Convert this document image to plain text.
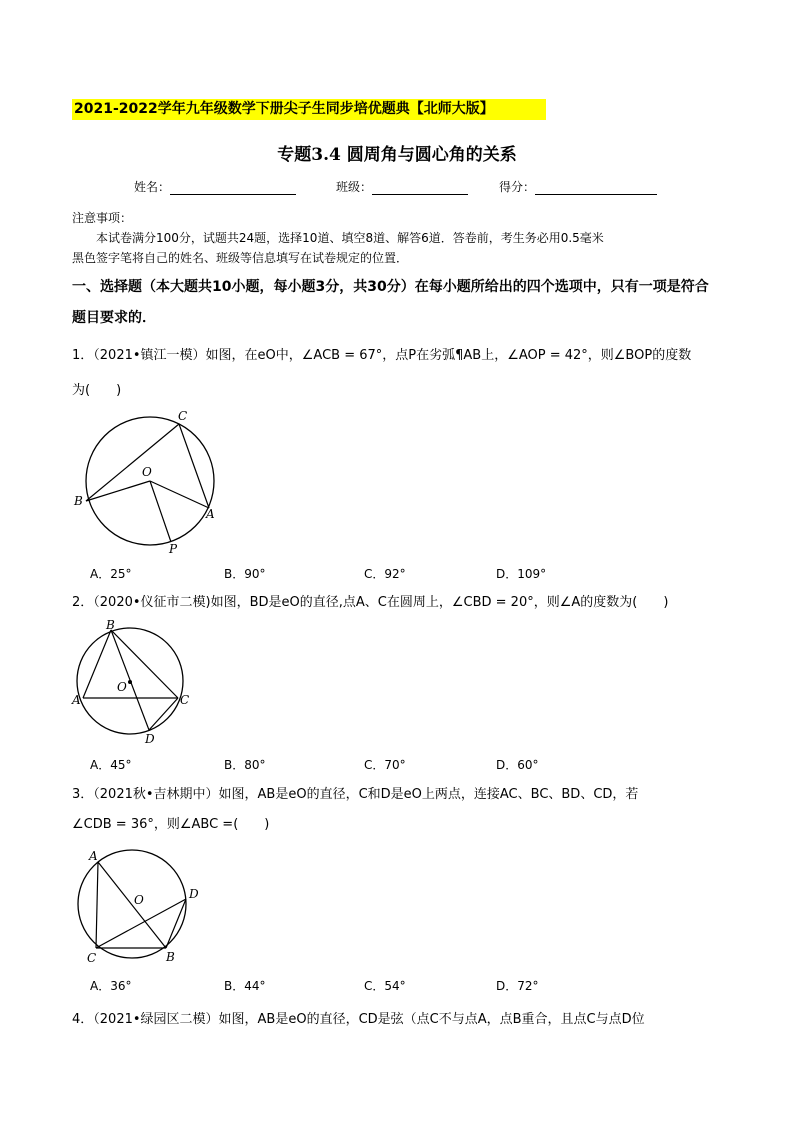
2021-2022学年九年级数学下册尖子生同步培优题典【北师大版】
专题3.4 圆周角与圆心角的关系
姓名：	班级：	得分：
注意事项：
本试卷满分100分，试题共24题，选择10道、填空8道、解答6道．答卷前，考生务必用0.5毫米
黑色签字笔将自己的姓名、班级等信息填写在试卷规定的位置．
一、选择题（本大题共10小题，每小题3分，共30分）在每小题所给出的四个选项中，只有一项是符合
题目要求的．
1．（2021•镇江一模）如图，在eO中，∠ACB = 67°，点P在劣弧¶AB上，∠AOP = 42°，则∠BOP的度数
为(　　)
C
O
B
A
P
A．25°	B．90°	C．92°	D．109°
2．（2020•仪征市二模)如图，BD是eO的直径,点A、C在圆周上，∠CBD = 20°，则∠A的度数为(　　)
B
O
A	C
D
A．45°	B．80°	C．70°	D．60°
3．（2021秋•吉林期中）如图，AB是eO的直径，C和D是eO上两点，连接AC、BC、BD、CD，若
∠CDB = 36°，则∠ABC =(　　)
A
O	D
C	B
A．36°	B．44°	C．54°	D．72°
4．（2021•绿园区二模）如图，AB是eO的直径，CD是弦（点C不与点A，点B重合，且点C与点D位
